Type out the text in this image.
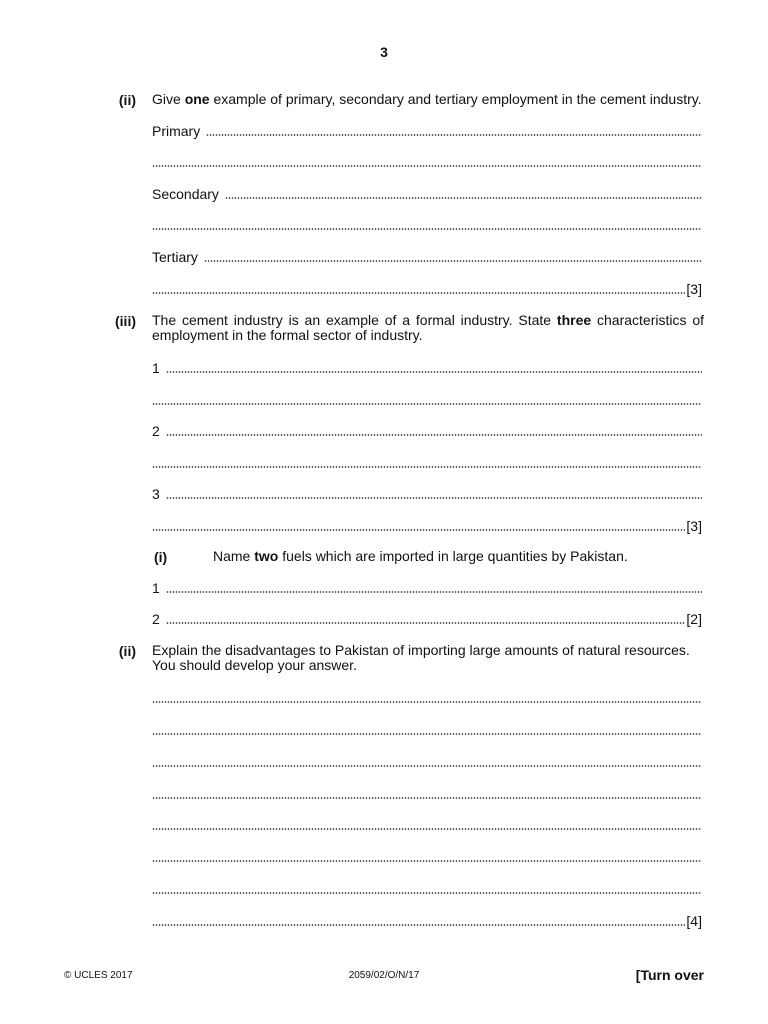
3
(ii) Give one example of primary, secondary and tertiary employment in the cement industry.
Primary
Secondary
Tertiary
[3]
(iii) The cement industry is an example of a formal industry. State three characteristics of employment in the formal sector of industry.
1
2
3
[3]
(i)	Name two fuels which are imported in large quantities by Pakistan.
1
2	[2]
(ii) Explain the disadvantages to Pakistan of importing large amounts of natural resources.
You should develop your answer.
[4]
© UCLES 2017	2059/02/O/N/17	[Turn over
